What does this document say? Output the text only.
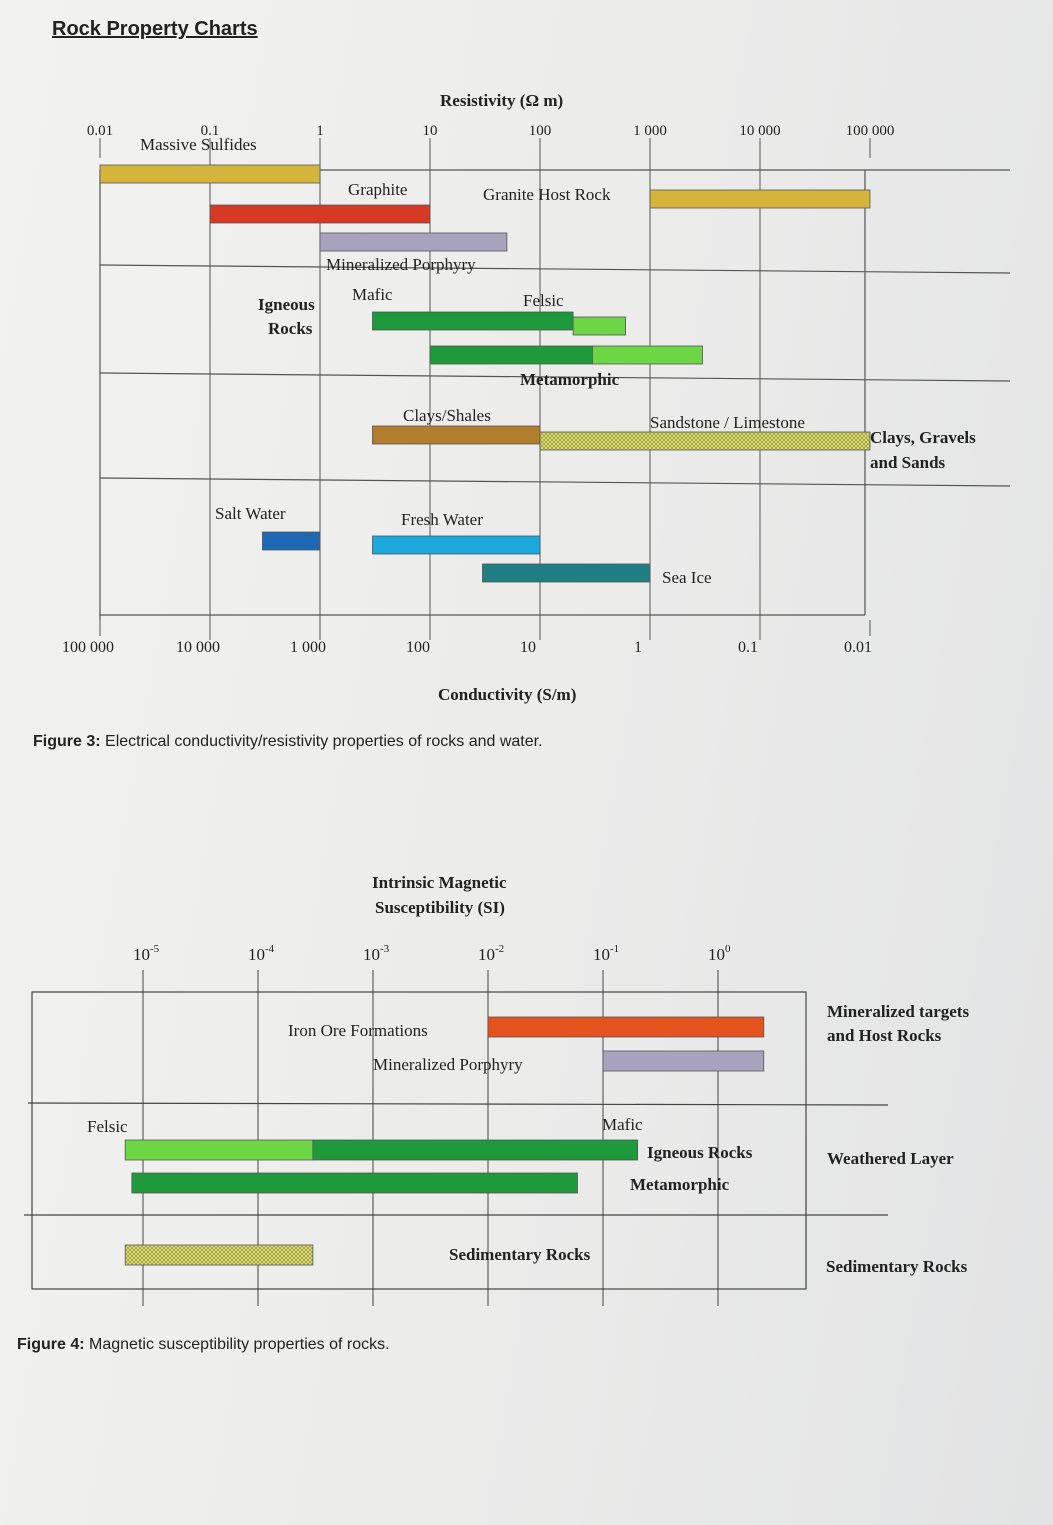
Rock Property Charts
Resistivity (Ω m)
0.01	0.1	1	10	100	1 000	10 000	100 000
100 000	10 000	1 000	100	10	1	0.1	0.01
Massive Sulfides
Graphite	Granite Host Rock
Mineralized Porphyry
Mafic	Felsic
Igneous
Rocks
Metamorphic
Clays/Shales	Sandstone / Limestone
Clays, Gravels
and Sands
Salt Water	Fresh Water
Sea Ice
Conductivity (S/m)
Figure 3: Electrical conductivity/resistivity properties of rocks and water.
Intrinsic Magnetic
Susceptibility (SI)
$10^{-5}$	$10^{-4}$	$10^{-3}$	$10^{-2}$	$10^{-1}$	$10^0$
Iron Ore Formations
Mineralized Porphyry
Felsic	Mafic
Igneous Rocks
Metamorphic
Sedimentary Rocks
Mineralized targets
and Host Rocks
Weathered Layer
Sedimentary Rocks
Figure 4: Magnetic susceptibility properties of rocks.
